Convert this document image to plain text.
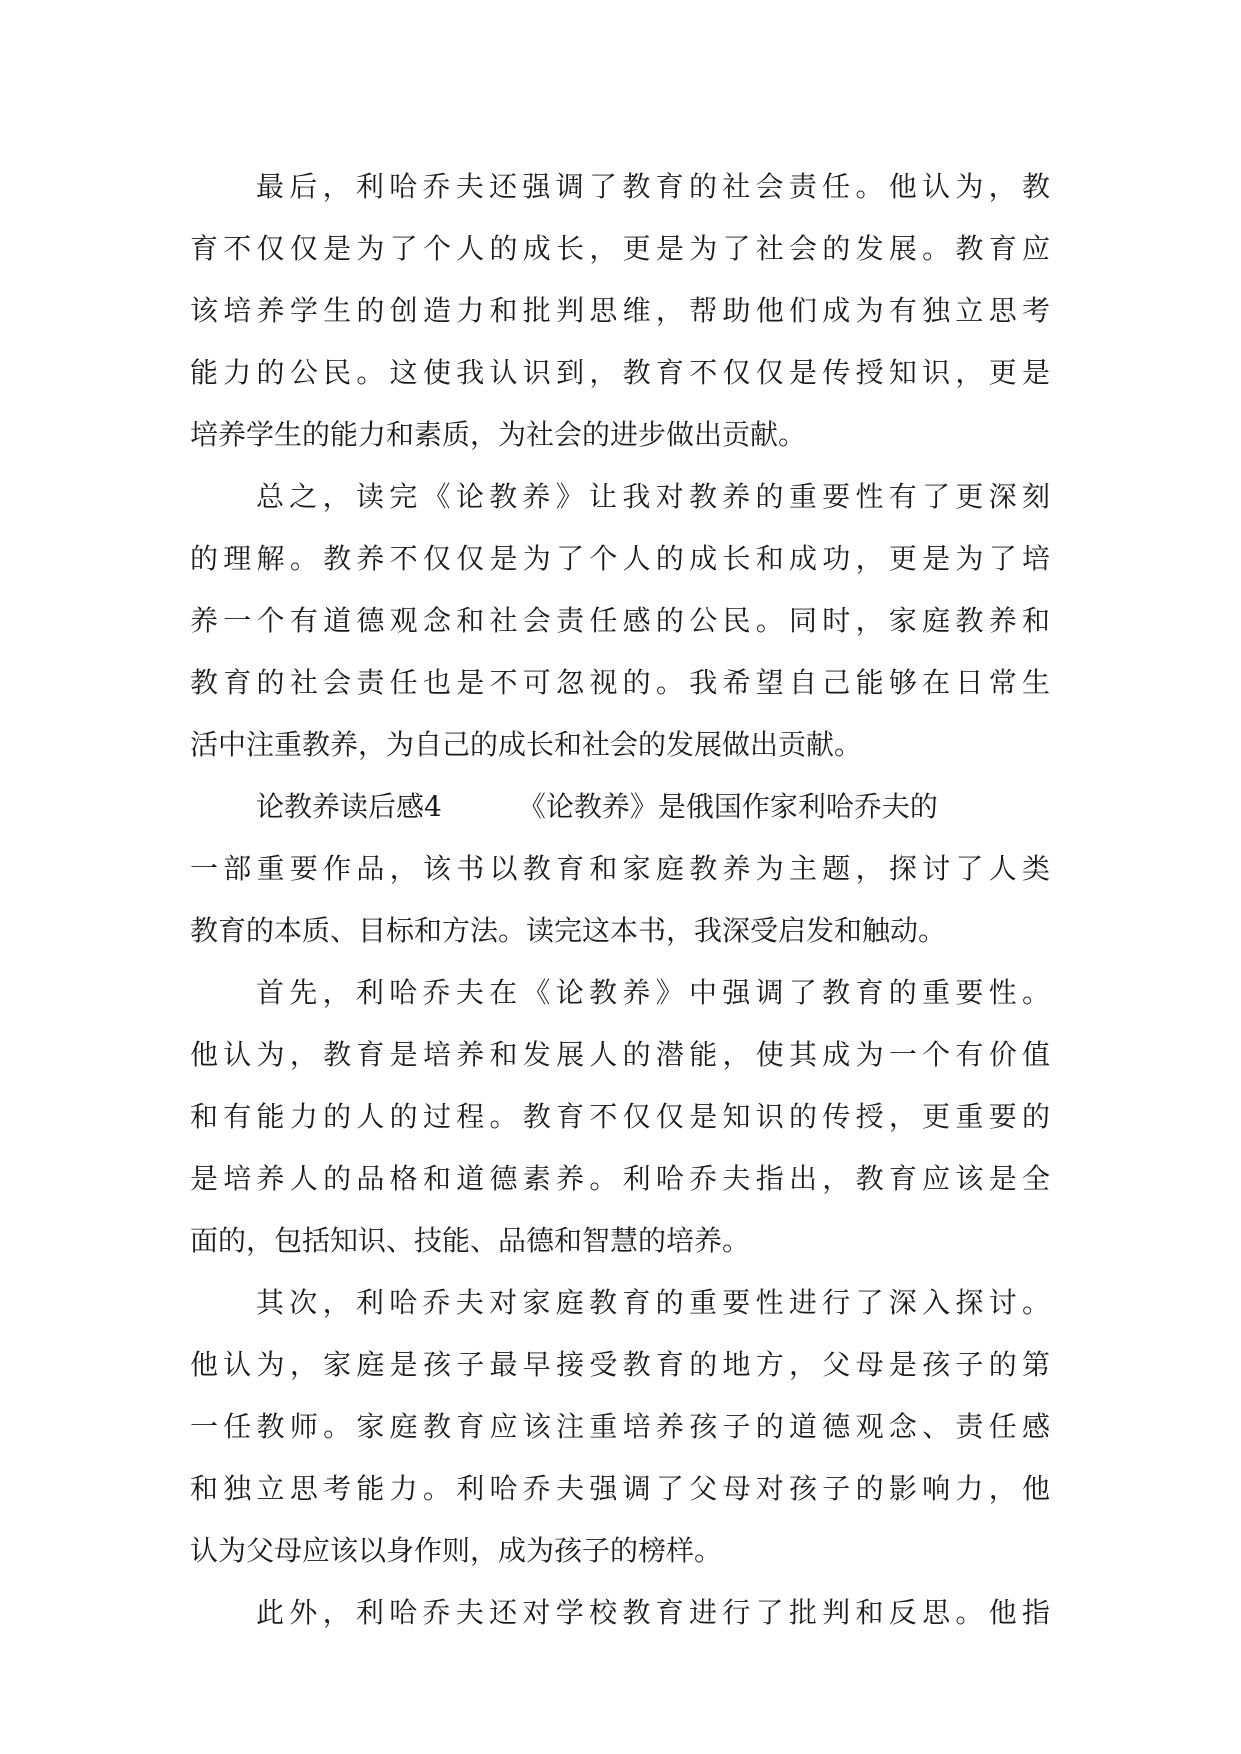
最后，利哈乔夫还强调了教育的社会责任。他认为，教
育不仅仅是为了个人的成长，更是为了社会的发展。教育应
该培养学生的创造力和批判思维，帮助他们成为有独立思考
能力的公民。这使我认识到，教育不仅仅是传授知识，更是
培养学生的能力和素质，为社会的进步做出贡献。
总之，读完《论教养》让我对教养的重要性有了更深刻
的理解。教养不仅仅是为了个人的成长和成功，更是为了培
养一个有道德观念和社会责任感的公民。同时，家庭教养和
教育的社会责任也是不可忽视的。我希望自己能够在日常生
活中注重教养，为自己的成长和社会的发展做出贡献。
论教养读后感4	《论教养》是俄国作家利哈乔夫的
一部重要作品，该书以教育和家庭教养为主题，探讨了人类
教育的本质、目标和方法。读完这本书，我深受启发和触动。
首先，利哈乔夫在《论教养》中强调了教育的重要性。
他认为，教育是培养和发展人的潜能，使其成为一个有价值
和有能力的人的过程。教育不仅仅是知识的传授，更重要的
是培养人的品格和道德素养。利哈乔夫指出，教育应该是全
面的，包括知识、技能、品德和智慧的培养。
其次，利哈乔夫对家庭教育的重要性进行了深入探讨。
他认为，家庭是孩子最早接受教育的地方，父母是孩子的第
一任教师。家庭教育应该注重培养孩子的道德观念、责任感
和独立思考能力。利哈乔夫强调了父母对孩子的影响力，他
认为父母应该以身作则，成为孩子的榜样。
此外，利哈乔夫还对学校教育进行了批判和反思。他指
